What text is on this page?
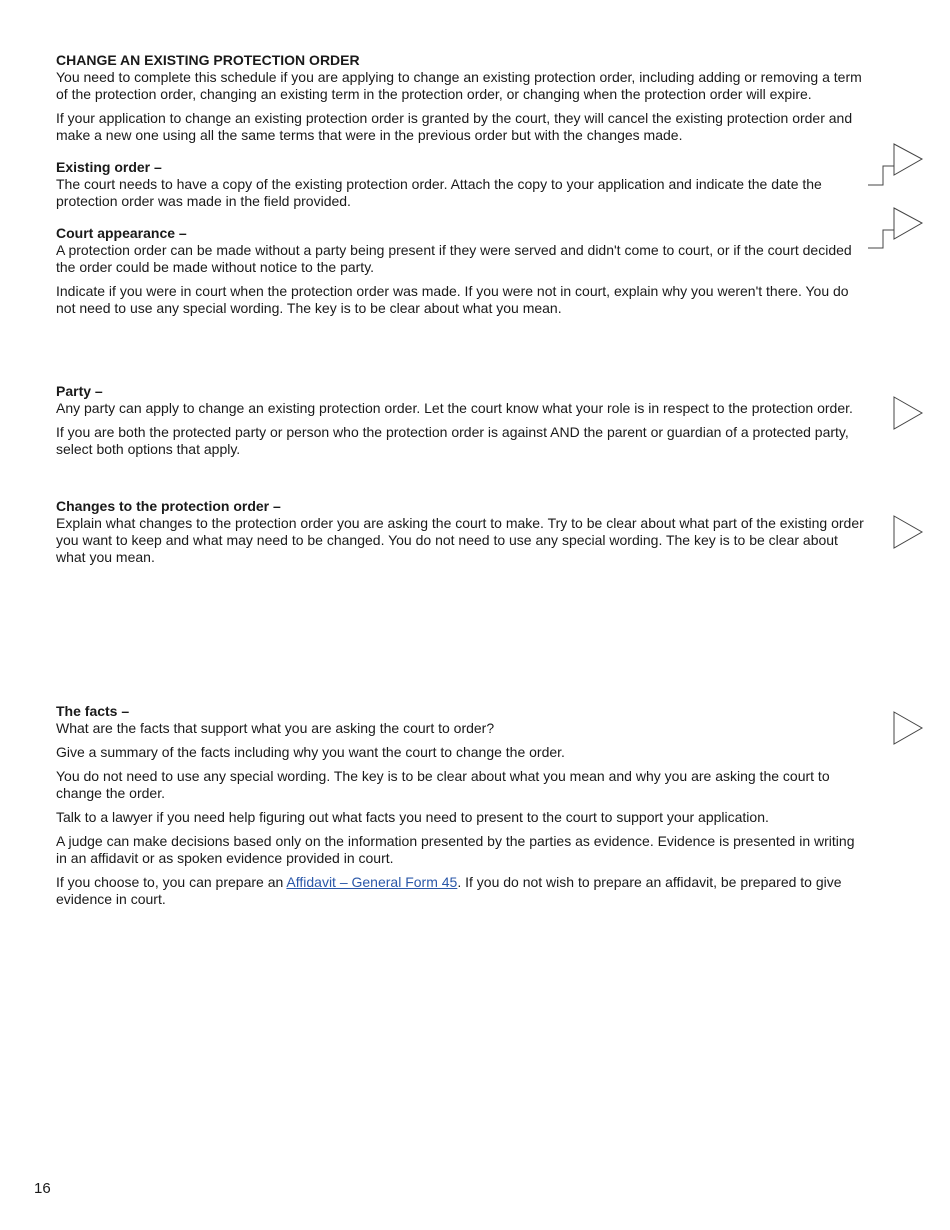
CHANGE AN EXISTING PROTECTION ORDER

You need to complete this schedule if you are applying to change an existing protection order, including adding or removing a term of the protection order, changing an existing term in the protection order, or changing when the protection order will expire.

If your application to change an existing protection order is granted by the court, they will cancel the existing protection order and make a new one using all the same terms that were in the previous order but with the changes made.

Existing order –

The court needs to have a copy of the existing protection order. Attach the copy to your application and indicate the date the protection order was made in the field provided.

Court appearance –

A protection order can be made without a party being present if they were served and didn't come to court, or if the court decided the order could be made without notice to the party.

Indicate if you were in court when the protection order was made. If you were not in court, explain why you weren't there. You do not need to use any special wording. The key is to be clear about what you mean.

Party –

Any party can apply to change an existing protection order. Let the court know what your role is in respect to the protection order.

If you are both the protected party or person who the protection order is against AND the parent or guardian of a protected party, select both options that apply.

Changes to the protection order –

Explain what changes to the protection order you are asking the court to make. Try to be clear about what part of the existing order you want to keep and what may need to be changed. You do not need to use any special wording. The key is to be clear about what you mean.

The facts –

What are the facts that support what you are asking the court to order?

Give a summary of the facts including why you want the court to change the order.

You do not need to use any special wording. The key is to be clear about what you mean and why you are asking the court to change the order.

Talk to a lawyer if you need help figuring out what facts you need to present to the court to support your application.

A judge can make decisions based only on the information presented by the parties as evidence. Evidence is presented in writing in an affidavit or as spoken evidence provided in court.

If you choose to, you can prepare an Affidavit – General Form 45. If you do not wish to prepare an affidavit, be prepared to give evidence in court.

16
